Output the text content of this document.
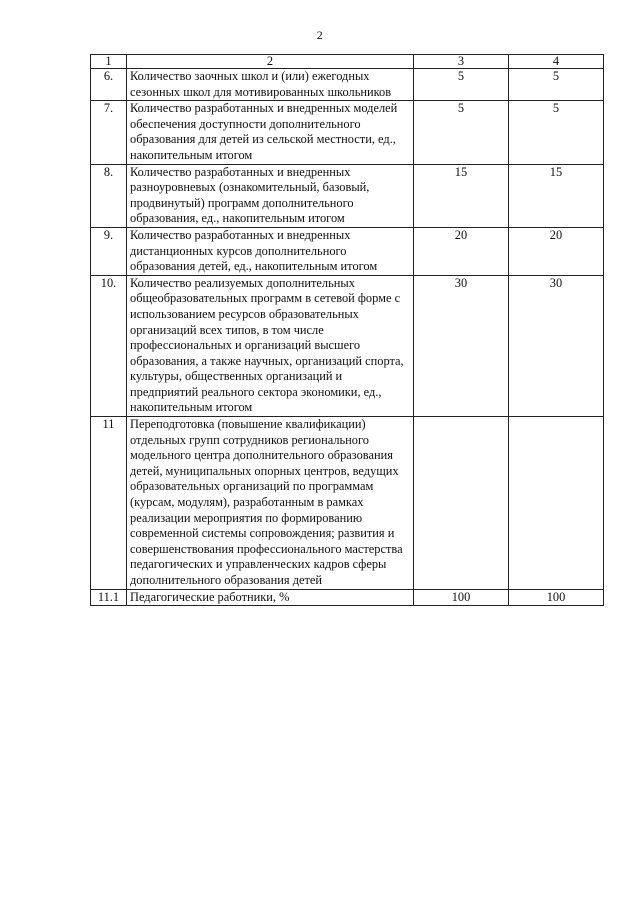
2
1	2	3	4
6.	Количество заочных школ и (или) ежегодных сезонных школ для мотивированных школьников	5	5
7.	Количество разработанных и внедренных моделей обеспечения доступности дополнительного образования для детей из сельской местности, ед., накопительным итогом	5	5
8.	Количество разработанных и внедренных разноуровневых (ознакомительный, базовый, продвинутый) программ дополнительного образования, ед., накопительным итогом	15	15
9.	Количество разработанных и внедренных дистанционных курсов дополнительного образования детей, ед., накопительным итогом	20	20
10.	Количество реализуемых дополнительных общеобразовательных программ в сетевой форме с использованием ресурсов образовательных организаций всех типов, в том числе профессиональных и организаций высшего образования, а также научных, организаций спорта, культуры, общественных организаций и предприятий реального сектора экономики, ед., накопительным итогом	30	30
11	Переподготовка (повышение квалификации) отдельных групп сотрудников регионального модельного центра дополнительного образования детей, муниципальных опорных центров, ведущих образовательных организаций по программам (курсам, модулям), разработанным в рамках реализации мероприятия по формированию современной системы сопровождения; развития и совершенствования профессионального мастерства педагогических и управленческих кадров сферы дополнительного образования детей		
11.1	Педагогические работники, %	100	100
